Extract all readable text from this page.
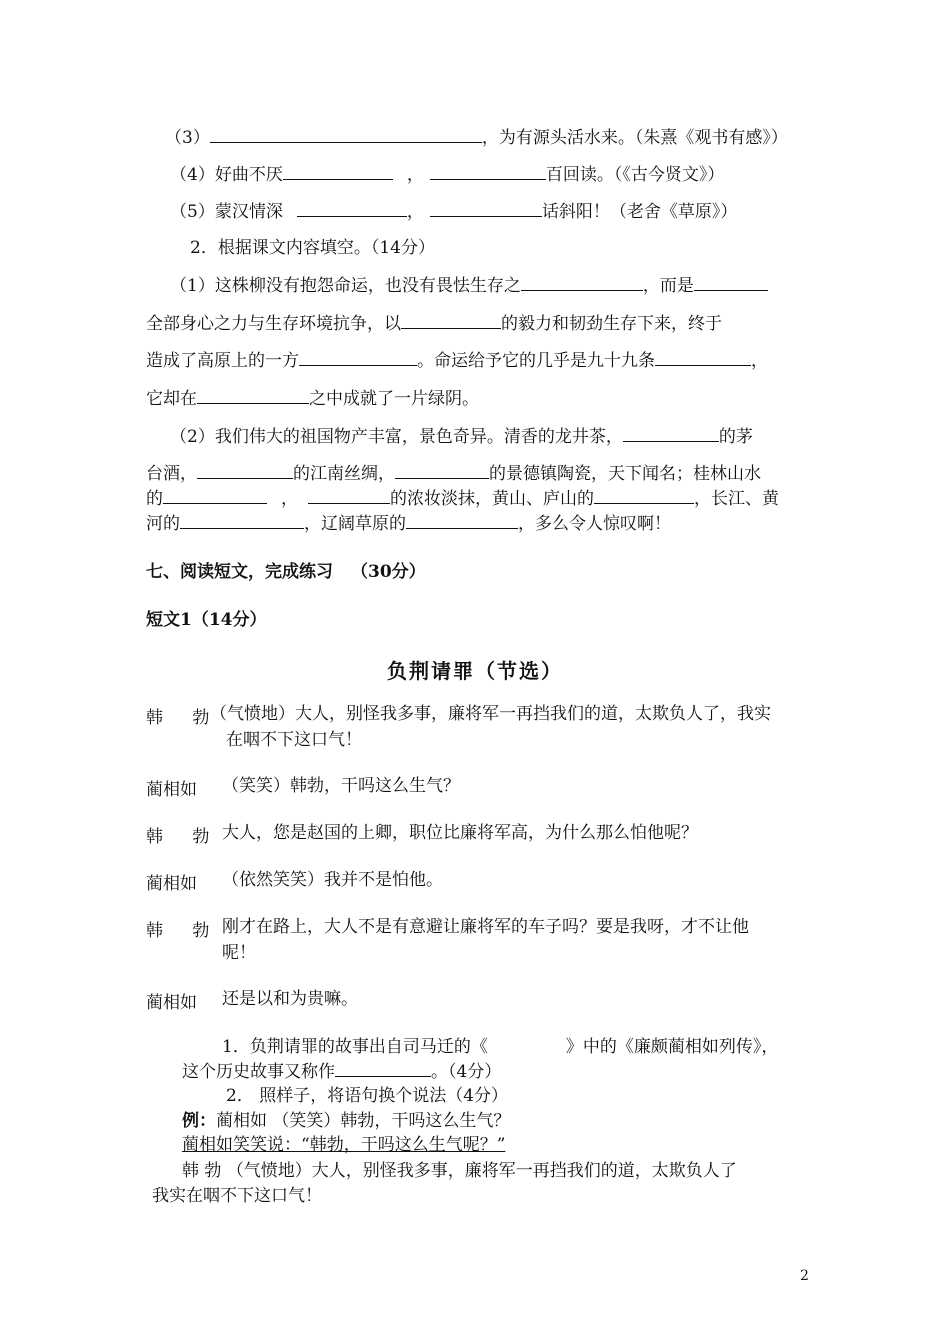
（3）	，为有源头活水来。（朱熹《观书有感》）
（4）好曲不厌	，	百回读。（《古今贤文》）
（5）蒙汉情深	，	话斜阳！（老舍《草原》）
2．根据课文内容填空。（14分）
（1）这株柳没有抱怨命运，也没有畏怯生存之	，而是
全部身心之力与生存环境抗争，以	的毅力和韧劲生存下来，终于
造成了高原上的一方	。命运给予它的几乎是九十九条	，
它却在	之中成就了一片绿阴。
（2）我们伟大的祖国物产丰富，景色奇异。清香的龙井茶，	的茅
台酒，	的江南丝绸，	的景德镇陶瓷，天下闻名；桂林山水
的	，	的浓妆淡抹，黄山、庐山的	，长江、黄
河的	，辽阔草原的	，多么令人惊叹啊！
七、阅读短文，完成练习 （30分）
短文1（14分）
负荆请罪（节选）
韩 勃
（气愤地）大人，别怪我多事，廉将军一再挡我们的道，太欺负人了，我实
在咽不下这口气！
蔺相如 （笑笑）韩勃，干吗这么生气？
韩 勃 大人，您是赵国的上卿，职位比廉将军高，为什么那么怕他呢？
蔺相如 （依然笑笑）我并不是怕他。
韩 勃 刚才在路上，大人不是有意避让廉将军的车子吗？要是我呀，才不让他
呢！
蔺相如 还是以和为贵嘛。
1．负荆请罪的故事出自司马迁的《	》中的《廉颇蔺相如列传》，
这个历史故事又称作	。（4分）
2． 照样子，将语句换个说法（4分）
例：蔺相如 （笑笑）韩勃，干吗这么生气？
蔺相如笑笑说：“韩勃，干吗这么生气呢？”
韩 勃 （气愤地）大人，别怪我多事，廉将军一再挡我们的道，太欺负人了
我实在咽不下这口气！
2
